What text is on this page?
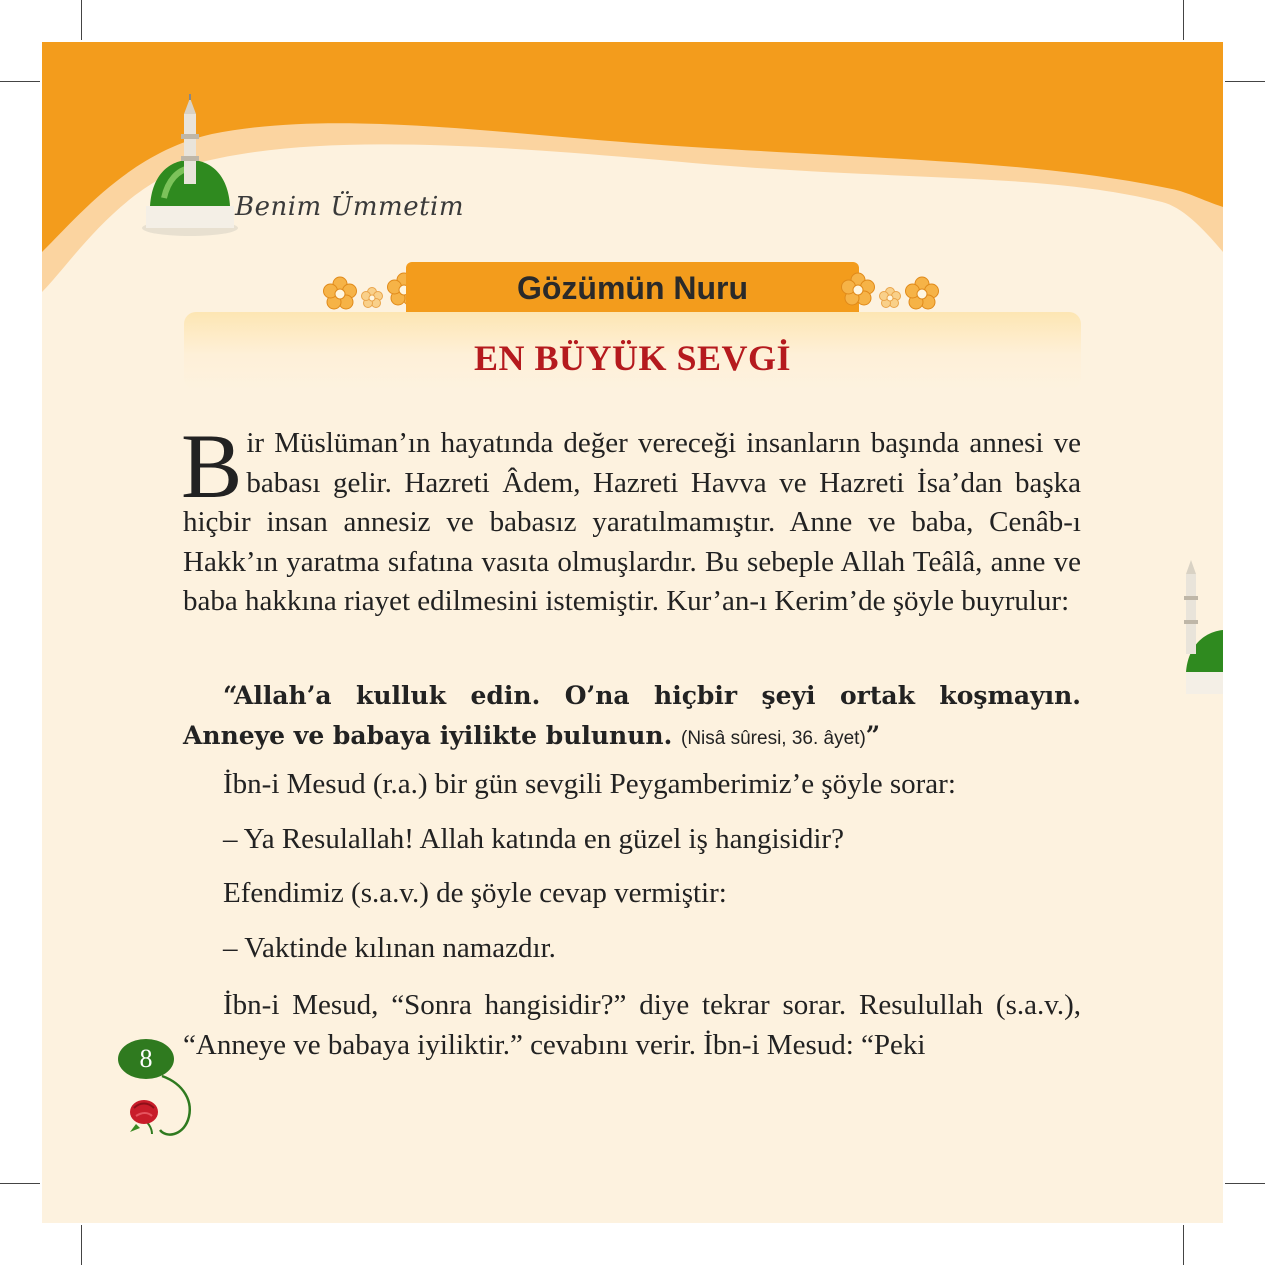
Benim Ümmetim
Gözümün Nuru
EN BÜYÜK SEVGİ
Bir Müslüman’ın hayatında değer vereceği insanların başında annesi ve babası gelir. Hazreti Âdem, Hazreti Havva ve Hazreti İsa’dan başka hiçbir insan annesiz ve babasız yaratılmamıştır. Anne ve baba, Cenâb-ı Hakk’ın yaratma sıfatına vasıta olmuşlardır. Bu sebeple Allah Teâlâ, anne ve baba hakkına riayet edilmesini istemiştir. Kur’an-ı Kerim’de şöyle buyrulur:
“Allah’a kulluk edin. O’na hiçbir şeyi ortak koşmayın. Anneye ve babaya iyilikte bulunun. (Nisâ sûresi, 36. âyet)”
İbn-i Mesud (r.a.) bir gün sevgili Peygamberimiz’e şöyle sorar:
– Ya Resulallah! Allah katında en güzel iş hangisidir?
Efendimiz (s.a.v.) de şöyle cevap vermiştir:
– Vaktinde kılınan namazdır.
İbn-i Mesud, “Sonra hangisidir?” diye tekrar sorar. Resulullah (s.a.v.), “Anneye ve babaya iyiliktir.” cevabını verir. İbn-i Mesud: “Peki
8
